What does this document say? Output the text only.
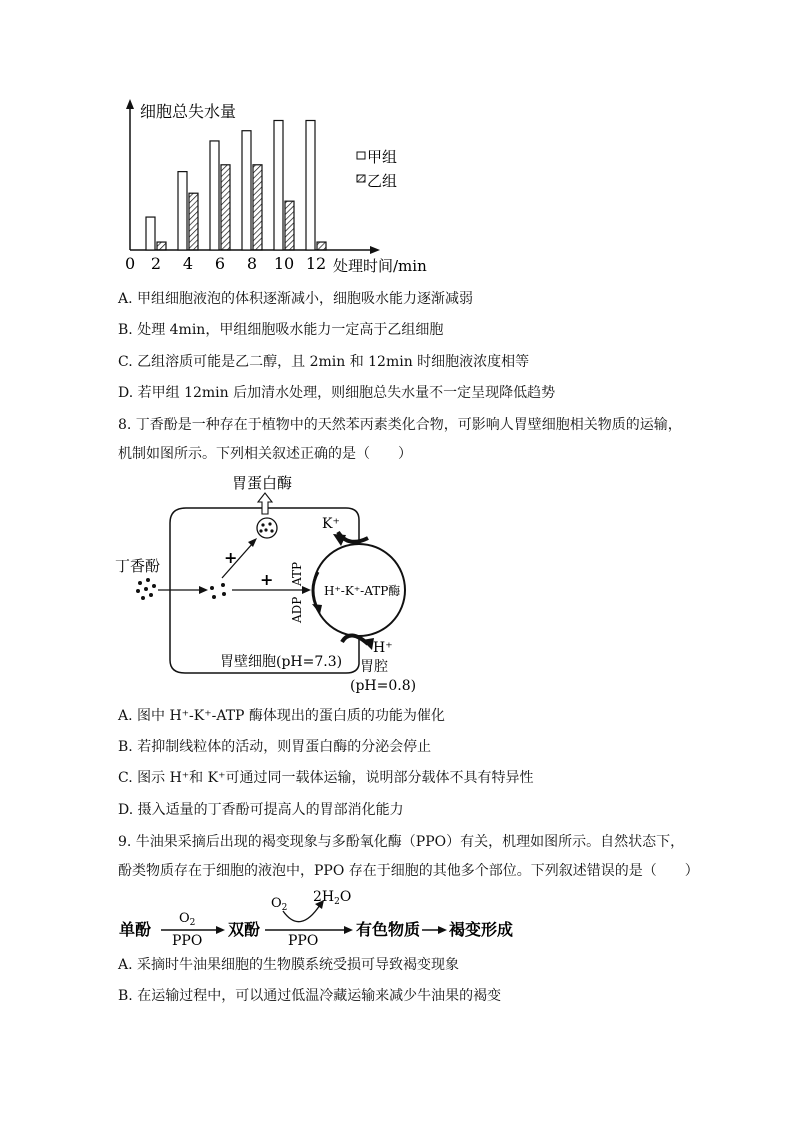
细胞总失水量
处理时间/min
0 2 4 6 8 10 12
甲组
乙组
A. 甲组细胞液泡的体积逐渐减小，细胞吸水能力逐渐减弱
B. 处理 4min，甲组细胞吸水能力一定高于乙组细胞
C. 乙组溶质可能是乙二醇，且 2min 和 12min 时细胞液浓度相等
D. 若甲组 12min 后加清水处理，则细胞总失水量不一定呈现降低趋势
8. 丁香酚是一种存在于植物中的天然苯丙素类化合物，可影响人胃壁细胞相关物质的运输，
机制如图所示。下列相关叙述正确的是（　　）
胃蛋白酶
丁香酚	+
+
H⁺-K⁺-ATP酶
ATP
ADP
K⁺
H⁺
胃壁细胞(pH=7.3) 胃腔
(pH=0.8)
A. 图中 H⁺-K⁺-ATP 酶体现出的蛋白质的功能为催化
B. 若抑制线粒体的活动，则胃蛋白酶的分泌会停止
C. 图示 H⁺和 K⁺可通过同一载体运输，说明部分载体不具有特异性
D. 摄入适量的丁香酚可提高人的胃部消化能力
9. 牛油果采摘后出现的褐变现象与多酚氧化酶（PPO）有关，机理如图所示。自然状态下，
酚类物质存在于细胞的液泡中，PPO 存在于细胞的其他多个部位。下列叙述错误的是（　　）
单酚
$O_2$
PPO
双酚
$O_2$
$2H_2O$
PPO
有色物质 褐变形成
A. 采摘时牛油果细胞的生物膜系统受损可导致褐变现象
B. 在运输过程中，可以通过低温冷藏运输来减少牛油果的褐变
